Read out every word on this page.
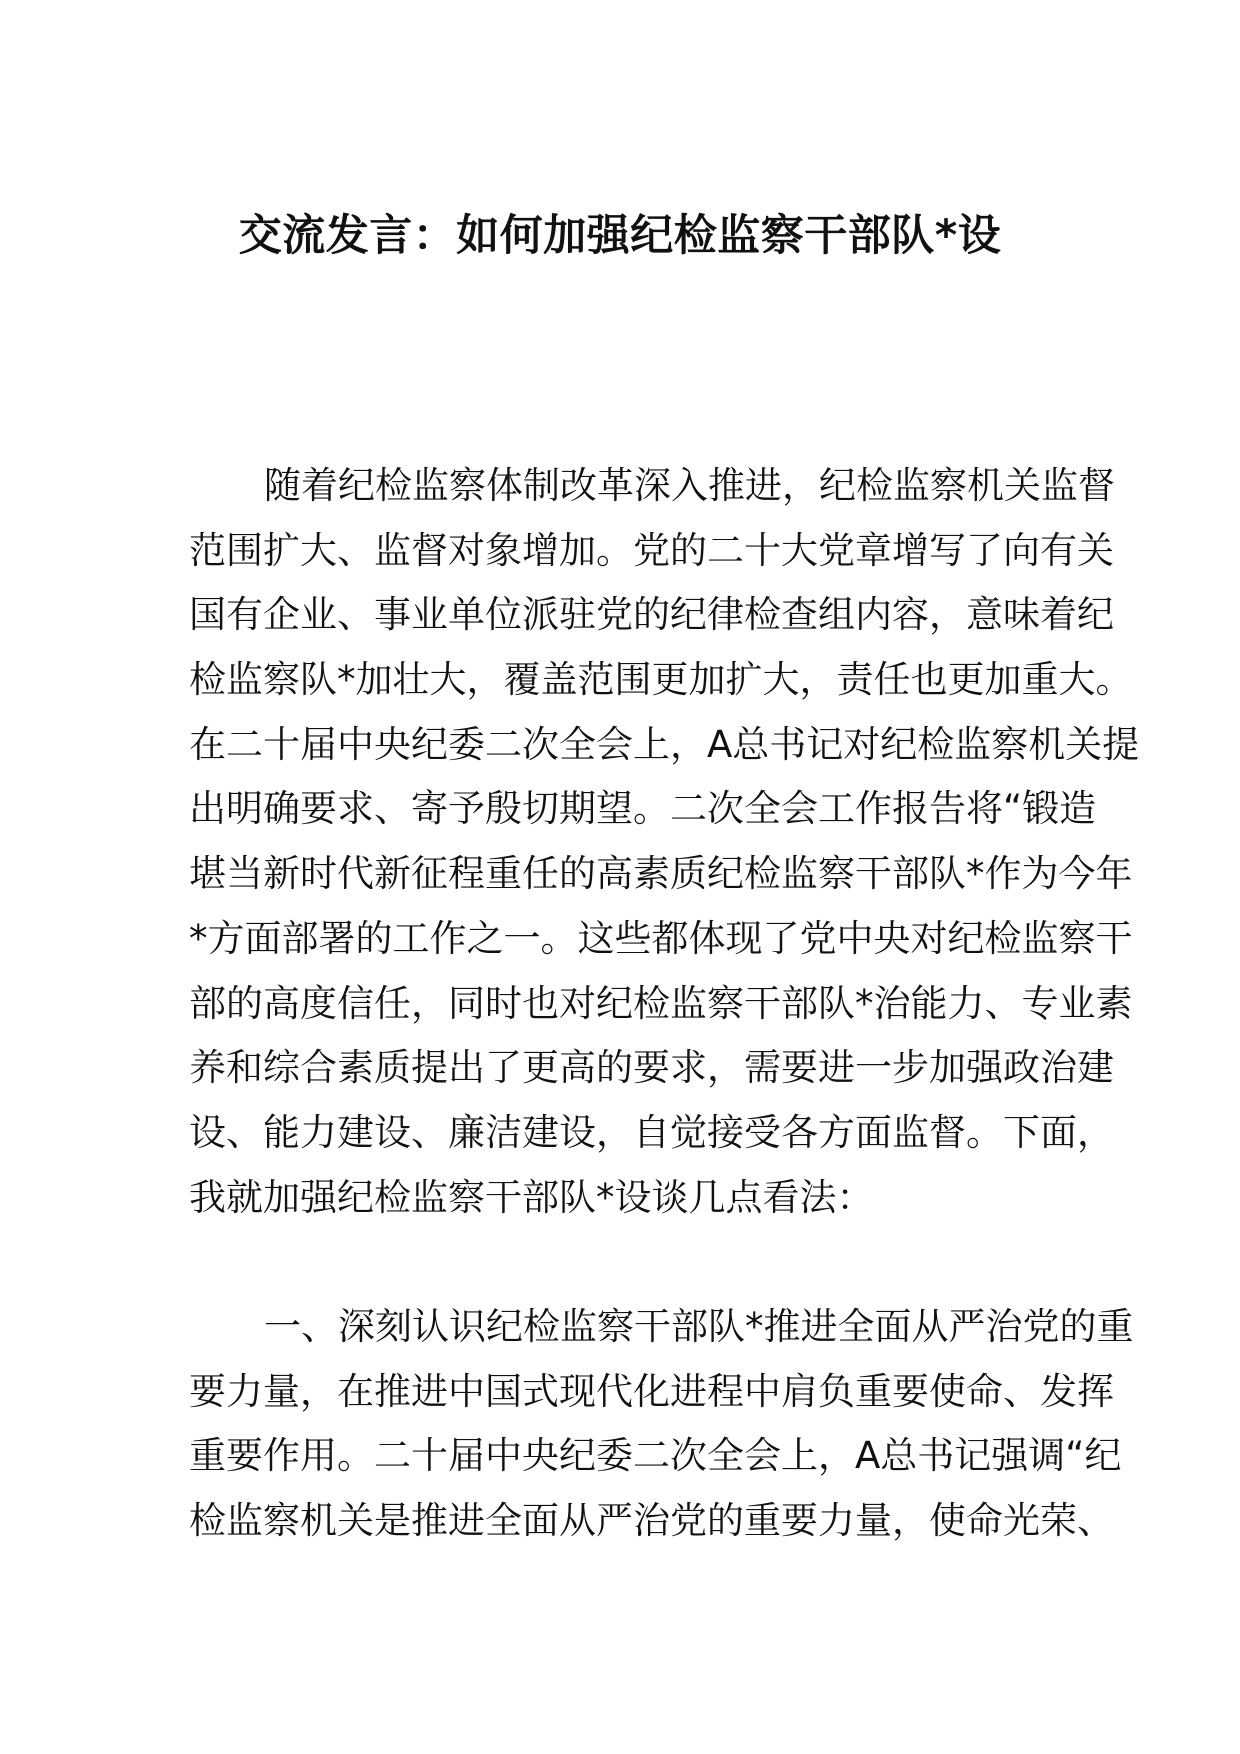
交流发言：如何加强纪检监察干部队*设
随着纪检监察体制改革深入推进，纪检监察机关监督
范围扩大、监督对象增加。党的二十大党章增写了向有关
国有企业、事业单位派驻党的纪律检查组内容，意味着纪
检监察队*加壮大，覆盖范围更加扩大，责任也更加重大。
在二十届中央纪委二次全会上，A总书记对纪检监察机关提
出明确要求、寄予殷切期望。二次全会工作报告将“锻造
堪当新时代新征程重任的高素质纪检监察干部队*作为今年
*方面部署的工作之一。这些都体现了党中央对纪检监察干
部的高度信任，同时也对纪检监察干部队*治能力、专业素
养和综合素质提出了更高的要求，需要进一步加强政治建
设、能力建设、廉洁建设，自觉接受各方面监督。下面，
我就加强纪检监察干部队*设谈几点看法：
一、深刻认识纪检监察干部队*推进全面从严治党的重
要力量，在推进中国式现代化进程中肩负重要使命、发挥
重要作用。二十届中央纪委二次全会上，A总书记强调“纪
检监察机关是推进全面从严治党的重要力量，使命光荣、
